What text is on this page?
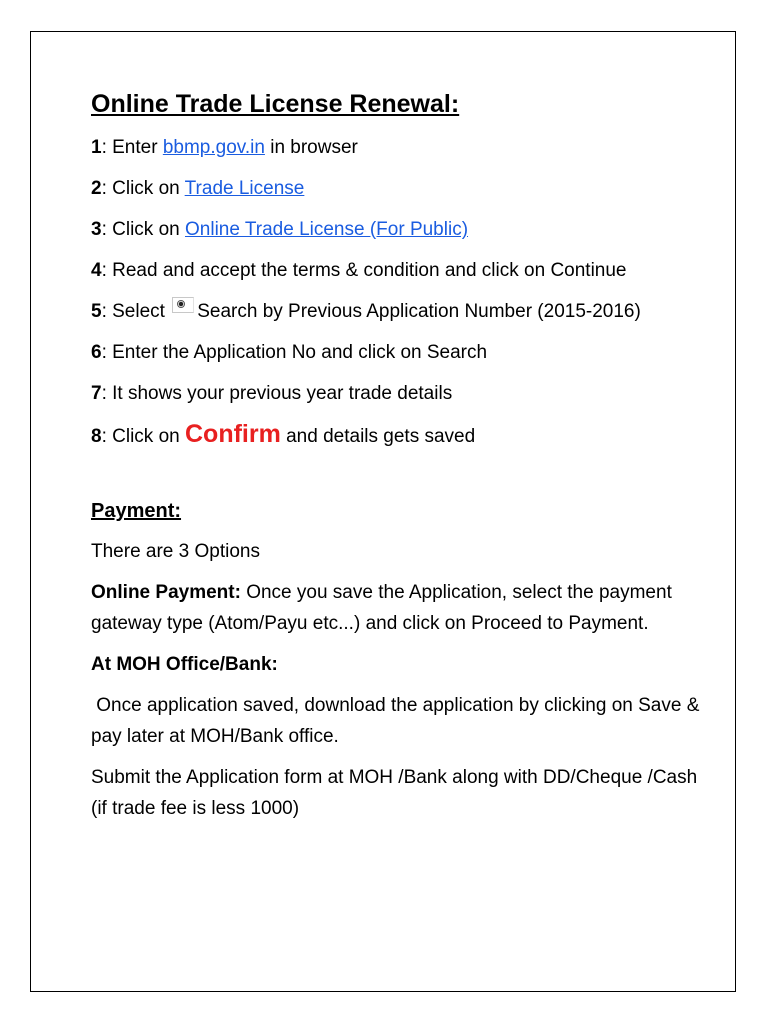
Online Trade License Renewal:
1: Enter bbmp.gov.in in browser
2: Click on Trade License
3: Click on Online Trade License (For Public)
4: Read and accept the terms & condition and click on Continue
5: Select Search by Previous Application Number (2015-2016)
6: Enter the Application No and click on Search
7: It shows your previous year trade details
8: Click on Confirm and details gets saved
Payment:
There are 3 Options
Online Payment: Once you save the Application, select the payment gateway type (Atom/Payu etc...) and click on Proceed to Payment.
At MOH Office/Bank:
Once application saved, download the application by clicking on Save & pay later at MOH/Bank office.
Submit the Application form at MOH /Bank along with DD/Cheque /Cash (if trade fee is less 1000)
